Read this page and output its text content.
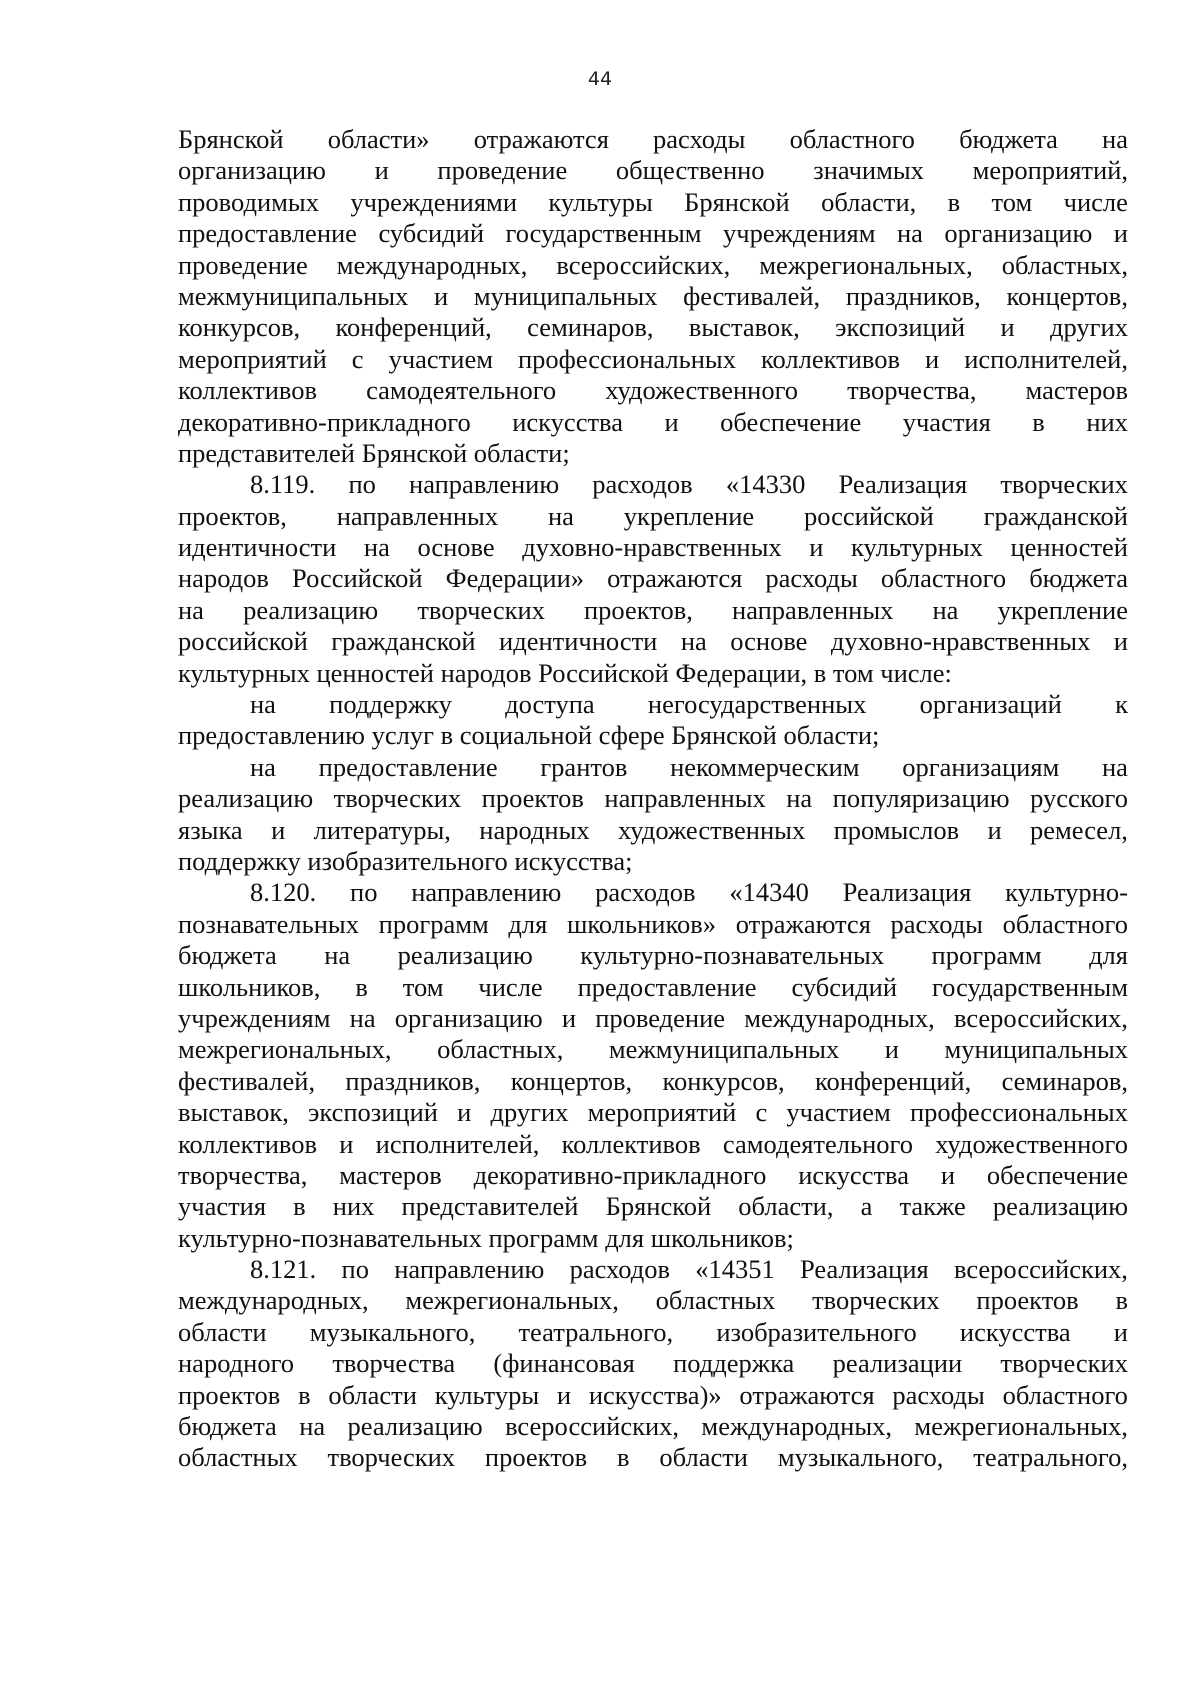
44
Брянской области» отражаются расходы областного бюджета на
организацию и проведение общественно значимых мероприятий,
проводимых учреждениями культуры Брянской области, в том числе
предоставление субсидий государственным учреждениям на организацию и
проведение международных, всероссийских, межрегиональных, областных,
межмуниципальных и муниципальных фестивалей, праздников, концертов,
конкурсов, конференций, семинаров, выставок, экспозиций и других
мероприятий с участием профессиональных коллективов и исполнителей,
коллективов самодеятельного художественного творчества, мастеров
декоративно-прикладного искусства и обеспечение участия в них
представителей Брянской области;
8.119. по направлению расходов «14330 Реализация творческих
проектов, направленных на укрепление российской гражданской
идентичности на основе духовно-нравственных и культурных ценностей
народов Российской Федерации» отражаются расходы областного бюджета
на реализацию творческих проектов, направленных на укрепление
российской гражданской идентичности на основе духовно-нравственных и
культурных ценностей народов Российской Федерации, в том числе:
на поддержку доступа негосударственных организаций к
предоставлению услуг в социальной сфере Брянской области;
на предоставление грантов некоммерческим организациям на
реализацию творческих проектов направленных на популяризацию русского
языка и литературы, народных художественных промыслов и ремесел,
поддержку изобразительного искусства;
8.120. по направлению расходов «14340 Реализация культурно-
познавательных программ для школьников» отражаются расходы областного
бюджета на реализацию культурно-познавательных программ для
школьников, в том числе предоставление субсидий государственным
учреждениям на организацию и проведение международных, всероссийских,
межрегиональных, областных, межмуниципальных и муниципальных
фестивалей, праздников, концертов, конкурсов, конференций, семинаров,
выставок, экспозиций и других мероприятий с участием профессиональных
коллективов и исполнителей, коллективов самодеятельного художественного
творчества, мастеров декоративно-прикладного искусства и обеспечение
участия в них представителей Брянской области, а также реализацию
культурно-познавательных программ для школьников;
8.121. по направлению расходов «14351 Реализация всероссийских,
международных, межрегиональных, областных творческих проектов в
области музыкального, театрального, изобразительного искусства и
народного творчества (финансовая поддержка реализации творческих
проектов в области культуры и искусства)» отражаются расходы областного
бюджета на реализацию всероссийских, международных, межрегиональных,
областных творческих проектов в области музыкального, театрального,
